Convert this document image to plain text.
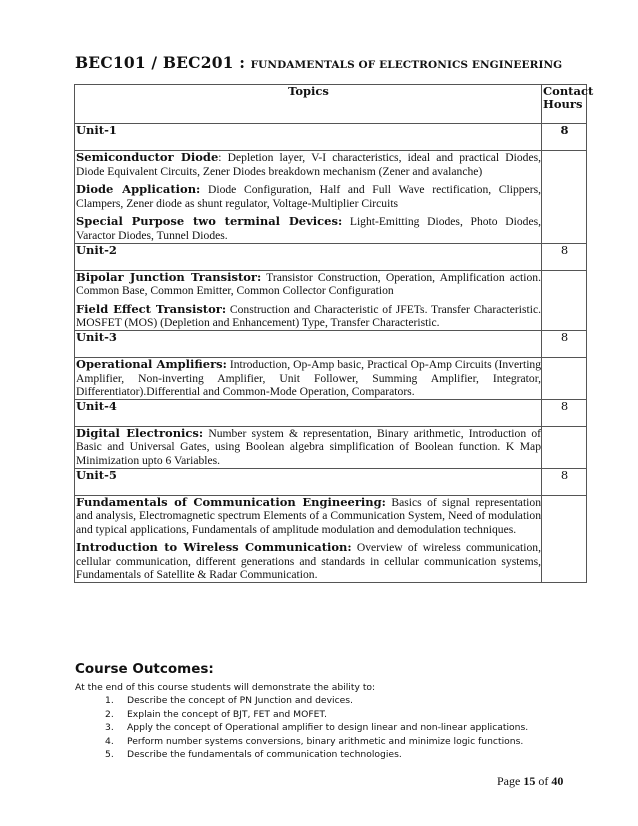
BEC101 / BEC201 : FUNDAMENTALS OF ELECTRONICS ENGINEERING
Topics	Contact
Hours
Unit-1	8

Semiconductor Diode: Depletion layer, V-I characteristics, ideal and practical Diodes, Diode Equivalent Circuits, Zener Diodes breakdown mechanism (Zener and avalanche)

Diode Application: Diode Configuration, Half and Full Wave rectification, Clippers, Clampers, Zener diode as shunt regulator, Voltage-Multiplier Circuits

Special Purpose two terminal Devices: Light-Emitting Diodes, Photo Diodes, Varactor Diodes, Tunnel Diodes.	

Unit-2	8

Bipolar Junction Transistor: Transistor Construction, Operation, Amplification action. Common Base, Common Emitter, Common Collector Configuration

Field Effect Transistor: Construction and Characteristic of JFETs. Transfer Characteristic. MOSFET (MOS) (Depletion and Enhancement) Type, Transfer Characteristic.	

Unit-3	8

Operational Amplifiers: Introduction, Op-Amp basic, Practical Op-Amp Circuits (Inverting Amplifier, Non-inverting Amplifier, Unit Follower, Summing Amplifier, Integrator, Differentiator).Differential and Common-Mode Operation, Comparators.	

Unit-4	8

Digital Electronics: Number system & representation, Binary arithmetic, Introduction of Basic and Universal Gates, using Boolean algebra simplification of Boolean function. K Map Minimization upto 6 Variables.	

Unit-5	8

Fundamentals of Communication Engineering: Basics of signal representation and analysis, Electromagnetic spectrum Elements of a Communication System, Need of modulation and typical applications, Fundamentals of amplitude modulation and demodulation techniques.

Introduction to Wireless Communication: Overview of wireless communication, cellular communication, different generations and standards in cellular communication systems, Fundamentals of Satellite & Radar Communication.	

Course Outcomes:
At the end of this course students will demonstrate the ability to:
1. Describe the concept of PN Junction and devices.
2. Explain the concept of BJT, FET and MOFET.
3. Apply the concept of Operational amplifier to design linear and non-linear applications.
4. Perform number systems conversions, binary arithmetic and minimize logic functions.
5. Describe the fundamentals of communication technologies.
Page 15 of 40
